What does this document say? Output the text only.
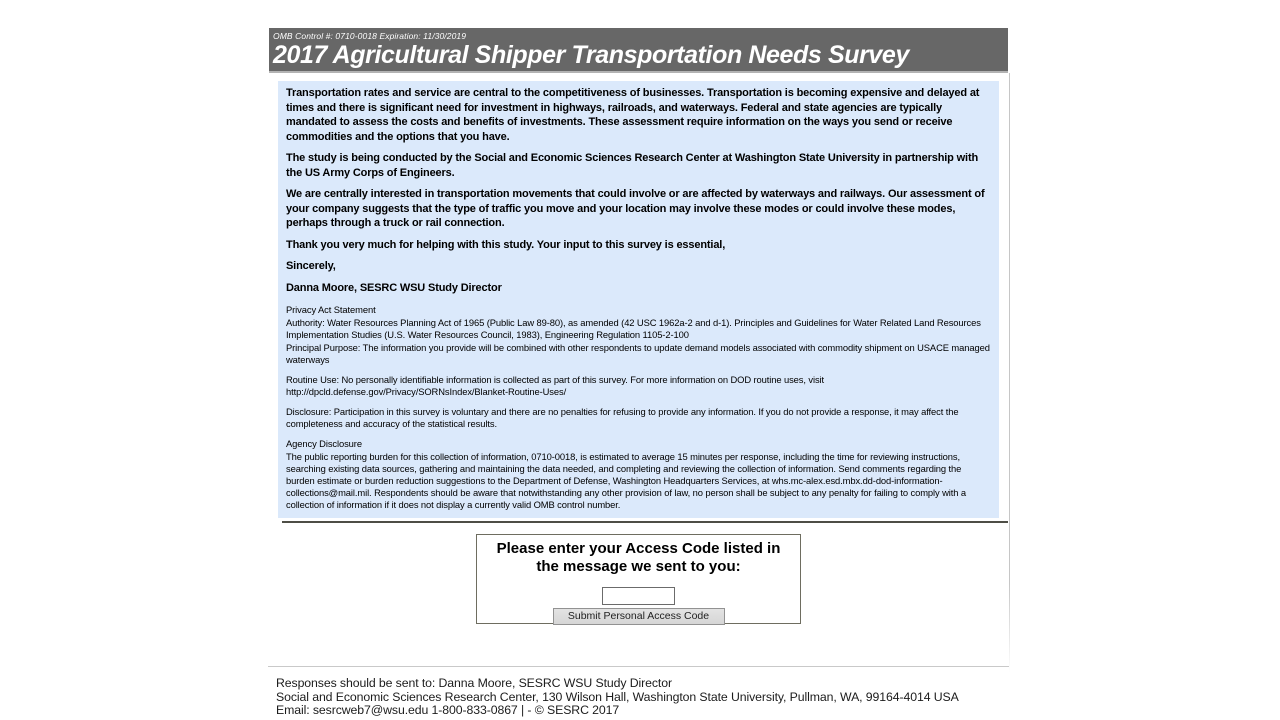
OMB Control #: 0710-0018 Expiration: 11/30/2019
2017 Agricultural Shipper Transportation Needs Survey

Transportation rates and service are central to the competitiveness of businesses. Transportation is becoming expensive and delayed at times and there is significant need for investment in highways, railroads, and waterways. Federal and state agencies are typically mandated to assess the costs and benefits of investments. These assessment require information on the ways you send or receive commodities and the options that you have.

The study is being conducted by the Social and Economic Sciences Research Center at Washington State University in partnership with the US Army Corps of Engineers.

We are centrally interested in transportation movements that could involve or are affected by waterways and railways. Our assessment of your company suggests that the type of traffic you move and your location may involve these modes or could involve these modes, perhaps through a truck or rail connection.

Thank you very much for helping with this study. Your input to this survey is essential,

Sincerely,

Danna Moore, SESRC WSU Study Director

Privacy Act Statement

Authority: Water Resources Planning Act of 1965 (Public Law 89-80), as amended (42 USC 1962a-2 and d-1). Principles and Guidelines for Water Related Land Resources Implementation Studies (U.S. Water Resources Council, 1983), Engineering Regulation 1105-2-100

Principal Purpose: The information you provide will be combined with other respondents to update demand models associated with commodity shipment on USACE managed waterways

Routine Use: No personally identifiable information is collected as part of this survey. For more information on DOD routine uses, visit http://dpcld.defense.gov/Privacy/SORNsIndex/Blanket-Routine-Uses/

Disclosure: Participation in this survey is voluntary and there are no penalties for refusing to provide any information. If you do not provide a response, it may affect the completeness and accuracy of the statistical results.

Agency Disclosure

The public reporting burden for this collection of information, 0710-0018, is estimated to average 15 minutes per response, including the time for reviewing instructions, searching existing data sources, gathering and maintaining the data needed, and completing and reviewing the collection of information. Send comments regarding the burden estimate or burden reduction suggestions to the Department of Defense, Washington Headquarters Services, at whs.mc-alex.esd.mbx.dd-dod-information-collections@mail.mil. Respondents should be aware that notwithstanding any other provision of law, no person shall be subject to any penalty for failing to comply with a collection of information if it does not display a currently valid OMB control number.

Please enter your Access Code listed in the message we sent to you:
Submit Personal Access Code
Responses should be sent to: Danna Moore, SESRC WSU Study Director
Social and Economic Sciences Research Center, 130 Wilson Hall, Washington State University, Pullman, WA, 99164-4014 USA
Email: sesrcweb7@wsu.edu 1-800-833-0867 | - © SESRC 2017
